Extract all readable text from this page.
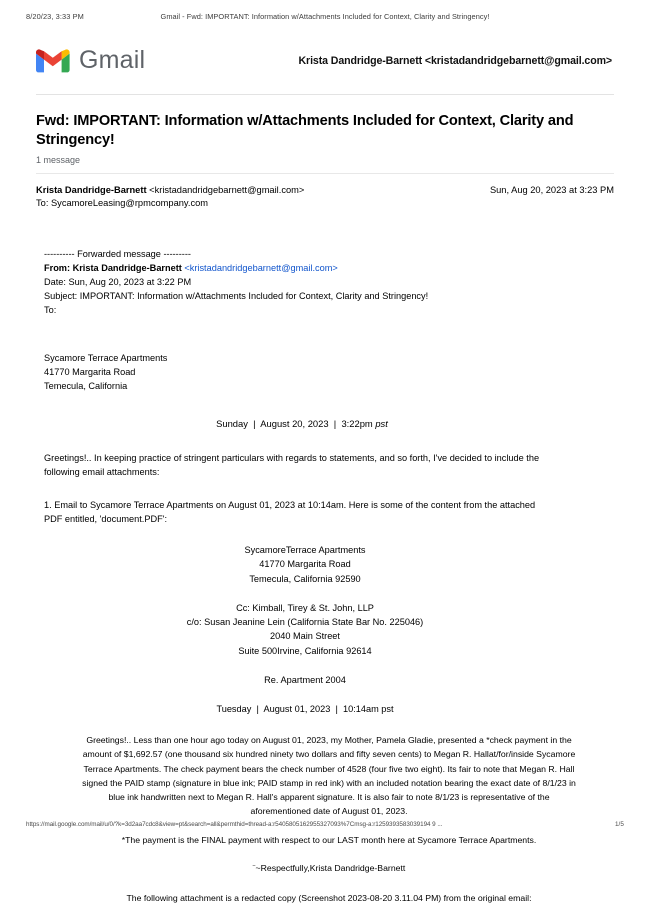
8/20/23, 3:33 PM	Gmail - Fwd: IMPORTANT: Information w/Attachments Included for Context, Clarity and Stringency!
Gmail	Krista Dandridge-Barnett <kristadandridgebarnett@gmail.com>
Fwd: IMPORTANT: Information w/Attachments Included for Context, Clarity and Stringency!
1 message
Krista Dandridge-Barnett <kristadandridgebarnett@gmail.com>
To: SycamoreLeasing@rpmcompany.com
Sun, Aug 20, 2023 at 3:23 PM
---------- Forwarded message ---------
From: Krista Dandridge-Barnett <kristadandridgebarnett@gmail.com>
Date: Sun, Aug 20, 2023 at 3:22 PM
Subject: IMPORTANT: Information w/Attachments Included for Context, Clarity and Stringency!
To:
Sycamore Terrace Apartments
41770 Margarita Road
Temecula, California
Sunday | August 20, 2023 | 3:22pm pst
Greetings!.. In keeping practice of stringent particulars with regards to statements, and so forth, I've decided to include the following email attachments:
1. Email to Sycamore Terrace Apartments on August 01, 2023 at 10:14am. Here is some of the content from the attached PDF entitled, 'document.PDF':
SycamoreTerrace Apartments
41770 Margarita Road
Temecula, California 92590
Cc: Kimball, Tirey & St. John, LLP
c/o: Susan Jeanine Lein (California State Bar No. 225046)
2040 Main Street
Suite 500Irvine, California 92614
Re. Apartment 2004
Tuesday | August 01, 2023 | 10:14am pst
Greetings!.. Less than one hour ago today on August 01, 2023, my Mother, Pamela Gladie, presented a *check payment in the amount of $1,692.57 (one thousand six hundred ninety two dollars and fifty seven cents) to Megan R. Hallat/for/inside Sycamore Terrace Apartments. The check payment bears the check number of 4528 (four five two eight). Its fair to note that Megan R. Hall signed the PAID stamp (signature in blue ink; PAID stamp in red ink) with an included notation bearing the exact date of 8/1/23 in blue ink handwritten next to Megan R. Hall's apparent signature. It is also fair to note 8/1/23 is representative of the aforementioned date of August 01, 2023.
*The payment is the FINAL payment with respect to our LAST month here at Sycamore Terrace Apartments.
¨~Respectfully,Krista Dandridge-Barnett
The following attachment is a redacted copy (Screenshot 2023-08-20 3.11.04 PM) from the original email:
https://mail.google.com/mail/u/0/?k=3d2aa7cdc8&view=pt&search=all&permthid=thread-a:r5405805162955327093%7Cmsg-a:r1259393583039194 9 ...	1/5
